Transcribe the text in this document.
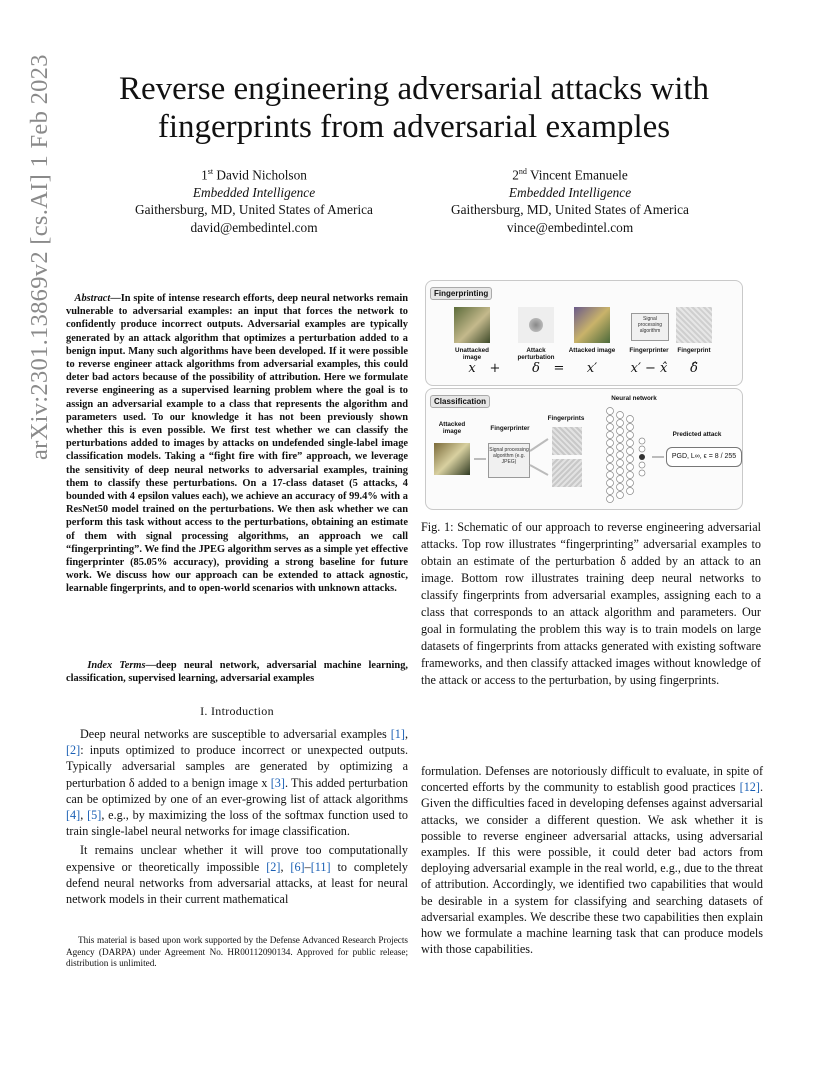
arXiv:2301.13869v2 [cs.AI] 1 Feb 2023	Reverse engineering adversarial attacks with
fingerprints from adversarial examples
1st David Nicholson
Embedded Intelligence
Gaithersburg, MD, United States of America
david@embedintel.com
2nd Vincent Emanuele
Embedded Intelligence
Gaithersburg, MD, United States of America
vince@embedintel.com
Abstract—In spite of intense research efforts, deep neural networks remain vulnerable to adversarial examples: an input that forces the network to confidently produce incorrect outputs. Adversarial examples are typically generated by an attack algorithm that optimizes a perturbation added to a benign input. Many such algorithms have been developed. If it were possible to reverse engineer attack algorithms from adversarial examples, this could deter bad actors because of the possibility of attribution. Here we formulate reverse engineering as a supervised learning problem where the goal is to assign an adversarial example to a class that represents the algorithm and parameters used. To our knowledge it has not been previously shown whether this is even possible. We first test whether we can classify the perturbations added to images by attacks on undefended single-label image classification models. Taking a “fight fire with fire” approach, we leverage the sensitivity of deep neural networks to adversarial examples, training them to classify these perturbations. On a 17-class dataset (5 attacks, 4 bounded with 4 epsilon values each), we achieve an accuracy of 99.4% with a ResNet50 model trained on the perturbations. We then ask whether we can perform this task without access to the perturbations, obtaining an estimate of them with signal processing algorithms, an approach we call “fingerprinting”. We find the JPEG algorithm serves as a simple yet effective fingerprinter (85.05% accuracy), providing a strong baseline for future work. We discuss how our approach can be extended to attack agnostic, learnable fingerprints, and to open-world scenarios with unknown attacks.
Index Terms—deep neural network, adversarial machine learning, classification, supervised learning, adversarial examples
I. Introduction

Deep neural networks are susceptible to adversarial examples [1], [2]: inputs optimized to produce incorrect or unexpected outputs. Typically adversarial samples are generated by optimizing a perturbation δ added to a benign image x [3]. This added perturbation can be optimized by one of an ever-growing list of attack algorithms [4], [5], e.g., by maximizing the loss of the softmax function used to train single-label neural networks for image classification.

It remains unclear whether it will prove too computationally expensive or theoretically impossible [2], [6]–[11] to completely defend neural networks from adversarial attacks, at least for neural network models in their current mathematical

This material is based upon work supported by the Defense Advanced Research Projects Agency (DARPA) under Agreement No. HR00112090134. Approved for public release; distribution is unlimited.
Fingerprinting
Signal processing algorithm
Unattacked image
Attack perturbation
Attacked image	Fingerprinter	Fingerprint
x	+	δ	=	x′	x′ − x̂	δ̂
Classification
Attacked image	Fingerprinter
Signal processing algorithm (e.g. JPEG)
Fingerprints
Neural network
Predicted attack
PGD, L∞, ϵ = 8 / 255
Fig. 1: Schematic of our approach to reverse engineering adversarial attacks. Top row illustrates “fingerprinting” adversarial examples to obtain an estimate of the perturbation δ added by an attack to an image. Bottom row illustrates training deep neural networks to classify fingerprints from adversarial examples, assigning each to a class that corresponds to an attack algorithm and parameters. Our goal in formulating the problem this way is to train models on large datasets of fingerprints from attacks generated with existing software frameworks, and then classify attacked images without knowledge of the attack or access to the perturbation, by using fingerprints.
formulation. Defenses are notoriously difficult to evaluate, in spite of concerted efforts by the community to establish good practices [12]. Given the difficulties faced in developing defenses against adversarial attacks, we consider a different question. We ask whether it is possible to reverse engineer adversarial attacks, using adversarial examples. If this were possible, it could deter bad actors from deploying adversarial example in the real world, e.g., due to the threat of attribution. Accordingly, we identified two capabilities that would be desirable in a system for classifying and searching datasets of adversarial examples. We describe these two capabilities then explain how we formulate a machine learning task that can produce models with those capabilities.
